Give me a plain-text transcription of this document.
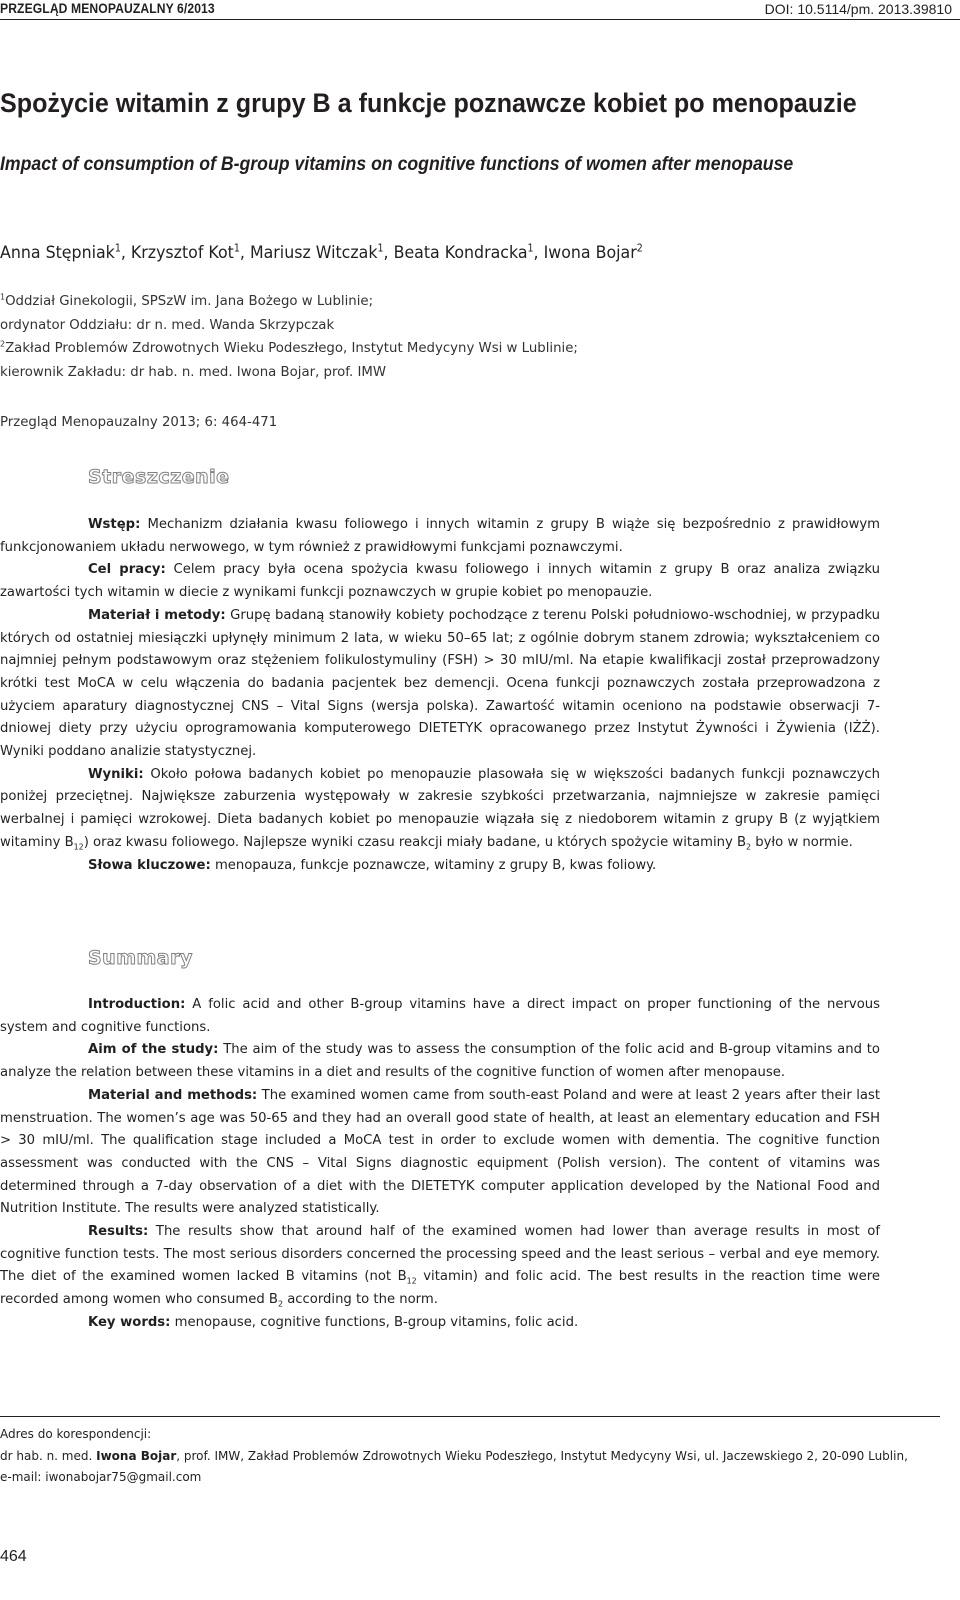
PRZEGLĄD MENOPAUZALNY 6/2013	DOI: 10.5114/pm. 2013.39810
Spożycie witamin z grupy B a funkcje poznawcze kobiet po menopauzie
Impact of consumption of B-group vitamins on cognitive functions of women after menopause

Anna Stępniak$^1$, Krzysztof Kot$^1$, Mariusz Witczak$^1$, Beata Kondracka$^1$, Iwona Bojar$^2$

$^1$Oddział Ginekologii, SPSzW im. Jana Bożego w Lublinie;
ordynator Oddziału: dr n. med. Wanda Skrzypczak
$^2$Zakład Problemów Zdrowotnych Wieku Podeszłego, Instytut Medycyny Wsi w Lublinie;
kierownik Zakładu: dr hab. n. med. Iwona Bojar, prof. IMW
Przegląd Menopauzalny 2013; 6: 464-471
Streszczenie

Wstęp: Mechanizm działania kwasu foliowego i innych witamin z grupy B wiąże się bezpośrednio z prawidłowym funkcjonowaniem układu nerwowego, w tym również z prawidłowymi funkcjami poznawczymi.

Cel pracy: Celem pracy była ocena spożycia kwasu foliowego i innych witamin z grupy B oraz analiza związku zawartości tych witamin w diecie z wynikami funkcji poznawczych w grupie kobiet po menopauzie.

Materiał i metody: Grupę badaną stanowiły kobiety pochodzące z terenu Polski południowo-wschodniej, w przypadku których od ostatniej miesiączki upłynęły minimum 2 lata, w wieku 50–65 lat; z ogólnie dobrym stanem zdrowia; wykształceniem co najmniej pełnym podstawowym oraz stężeniem folikulostymuliny (FSH) > 30 mIU/ml. Na etapie kwalifikacji został przeprowadzony krótki test MoCA w celu włączenia do badania pacjentek bez demencji. Ocena funkcji poznawczych została przeprowadzona z użyciem aparatury diagnostycznej CNS – Vital Signs (wersja polska). Zawartość witamin oceniono na podstawie obserwacji 7-dniowej diety przy użyciu oprogramowania komputerowego DIETETYK opracowanego przez Instytut Żywności i Żywienia (IŻŻ). Wyniki poddano analizie statystycznej.

Wyniki: Około połowa badanych kobiet po menopauzie plasowała się w większości badanych funkcji poznawczych poniżej przeciętnej. Największe zaburzenia występowały w zakresie szybkości przetwarzania, najmniejsze w zakresie pamięci werbalnej i pamięci wzrokowej. Dieta badanych kobiet po menopauzie wiązała się z niedoborem witamin z grupy B (z wyjątkiem witaminy $B_{12}$) oraz kwasu foliowego. Najlepsze wyniki czasu reakcji miały badane, u których spożycie witaminy $B_2$ było w normie.

Słowa kluczowe: menopauza, funkcje poznawcze, witaminy z grupy B, kwas foliowy.

Summary

Introduction: A folic acid and other B-group vitamins have a direct impact on proper functioning of the nervous system and cognitive functions.

Aim of the study: The aim of the study was to assess the consumption of the folic acid and B-group vitamins and to analyze the relation between these vitamins in a diet and results of the cognitive function of women after menopause.

Material and methods: The examined women came from south-east Poland and were at least 2 years after their last menstruation. The women’s age was 50-65 and they had an overall good state of health, at least an elementary education and FSH > 30 mIU/ml. The qualification stage included a MoCA test in order to exclude women with dementia. The cognitive function assessment was conducted with the CNS – Vital Signs diagnostic equipment (Polish version). The content of vitamins was determined through a 7-day observation of a diet with the DIETETYK computer application developed by the National Food and Nutrition Institute. The results were analyzed statistically.

Results: The results show that around half of the examined women had lower than average results in most of cognitive function tests. The most serious disorders concerned the processing speed and the least serious – verbal and eye memory. The diet of the examined women lacked B vitamins (not $B_{12}$ vitamin) and folic acid. The best results in the reaction time were recorded among women who consumed $B_2$ according to the norm.

Key words: menopause, cognitive functions, B-group vitamins, folic acid.

Adres do korespondencji:
dr hab. n. med. Iwona Bojar, prof. IMW, Zakład Problemów Zdrowotnych Wieku Podeszłego, Instytut Medycyny Wsi, ul. Jaczewskiego 2, 20-090 Lublin,
e-mail: iwonabojar75@gmail.com
464
